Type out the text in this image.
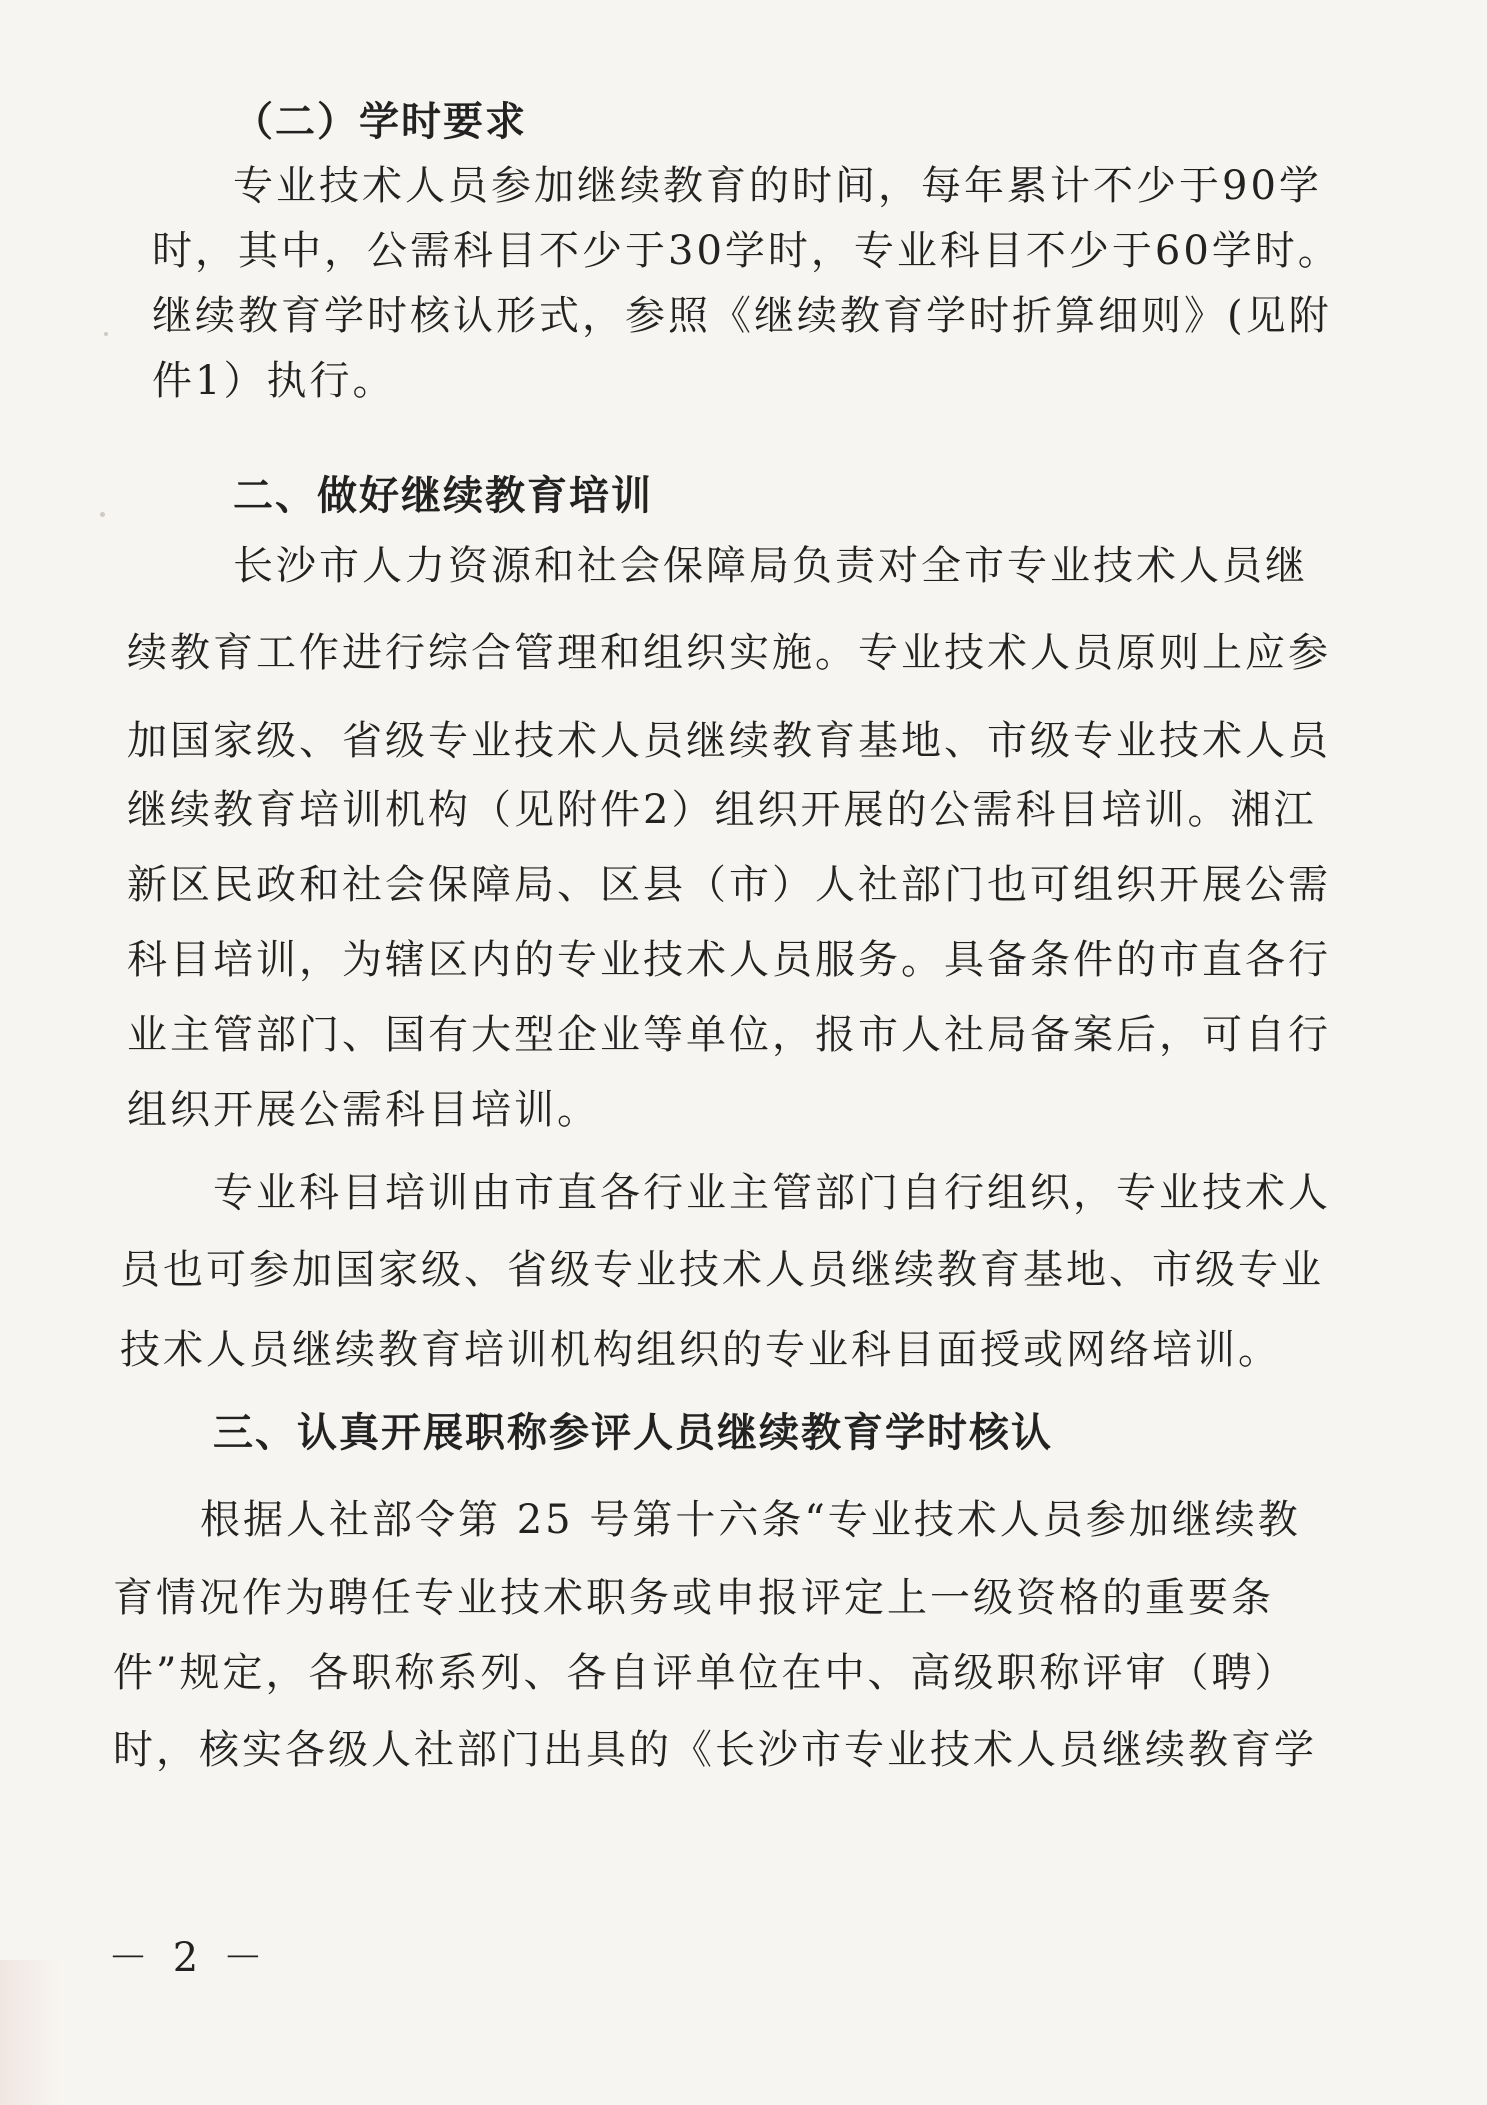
（二）学时要求
专业技术人员参加继续教育的时间，每年累计不少于90学
时，其中，公需科目不少于30学时，专业科目不少于60学时。
继续教育学时核认形式，参照《继续教育学时折算细则》(见附
件1）执行。
二、做好继续教育培训
长沙市人力资源和社会保障局负责对全市专业技术人员继
续教育工作进行综合管理和组织实施。专业技术人员原则上应参
加国家级、省级专业技术人员继续教育基地、市级专业技术人员
继续教育培训机构（见附件2）组织开展的公需科目培训。湘江
新区民政和社会保障局、区县（市）人社部门也可组织开展公需
科目培训，为辖区内的专业技术人员服务。具备条件的市直各行
业主管部门、国有大型企业等单位，报市人社局备案后，可自行
组织开展公需科目培训。
专业科目培训由市直各行业主管部门自行组织，专业技术人
员也可参加国家级、省级专业技术人员继续教育基地、市级专业
技术人员继续教育培训机构组织的专业科目面授或网络培训。
三、认真开展职称参评人员继续教育学时核认
根据人社部令第 25 号第十六条“专业技术人员参加继续教
育情况作为聘任专业技术职务或申报评定上一级资格的重要条
件”规定，各职称系列、各自评单位在中、高级职称评审（聘）
时，核实各级人社部门出具的《长沙市专业技术人员继续教育学
－ 2 －
